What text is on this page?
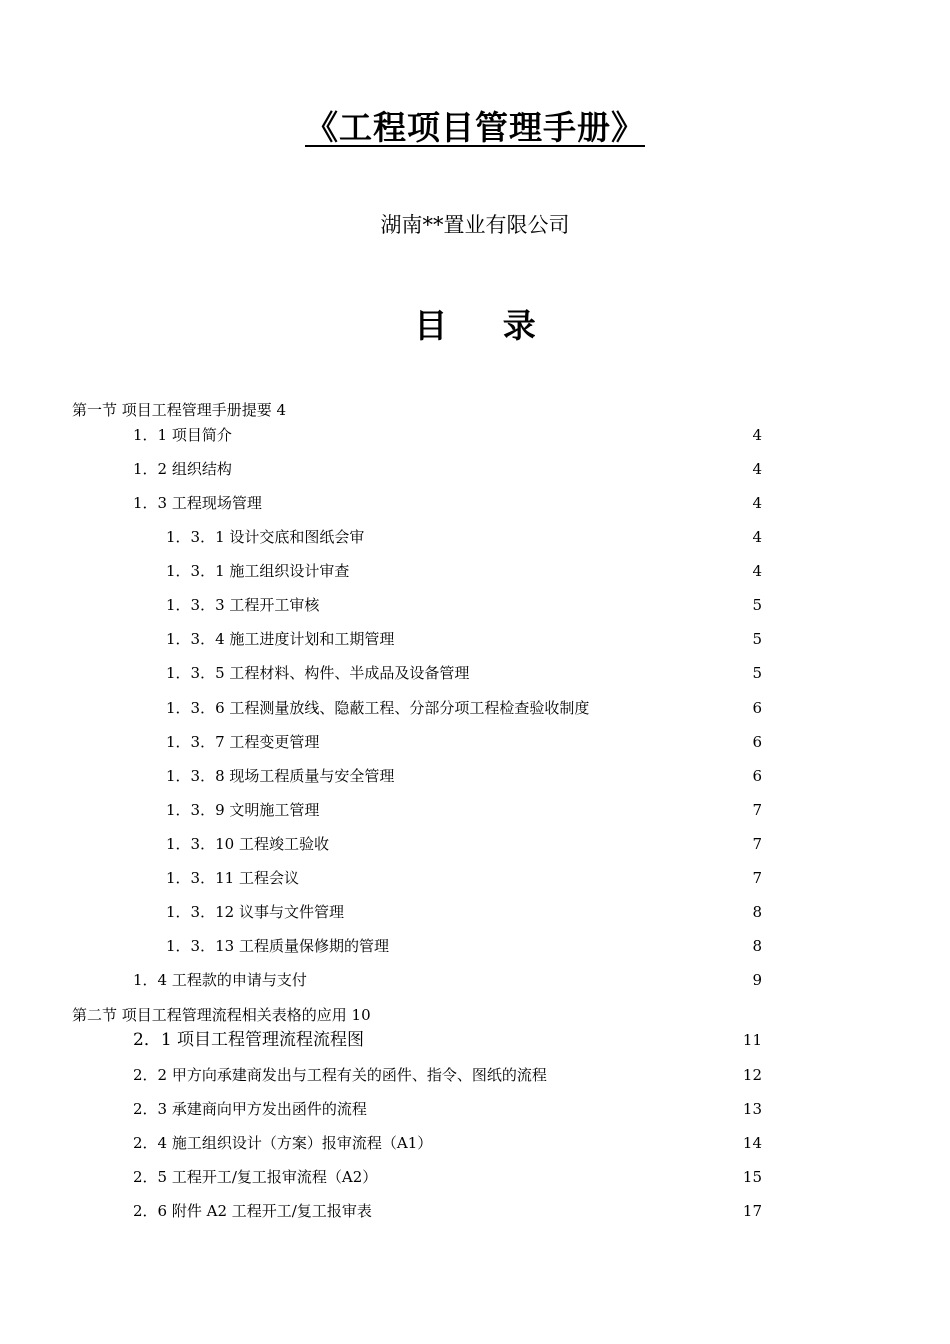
《工程项目管理手册》
湖南**置业有限公司
目 录
第一节 项目工程管理手册提要 4
1．1 项目简介	4
1．2 组织结构	4
1．3 工程现场管理	4
1．3．1 设计交底和图纸会审	4
1．3．1 施工组织设计审查	4
1．3．3 工程开工审核	5
1．3．4 施工进度计划和工期管理	5
1．3．5 工程材料、构件、半成品及设备管理	5
1．3．6 工程测量放线、隐蔽工程、分部分项工程检查验收制度	6
1．3．7 工程变更管理	6
1．3．8 现场工程质量与安全管理	6
1．3．9 文明施工管理	7
1．3．10 工程竣工验收	7
1．3．11 工程会议	7
1．3．12 议事与文件管理	8
1．3．13 工程质量保修期的管理	8
1．4 工程款的申请与支付	9
第二节 项目工程管理流程相关表格的应用 10
2．1 项目工程管理流程流程图	11
2．2 甲方向承建商发出与工程有关的函件、指令、图纸的流程	12
2．3 承建商向甲方发出函件的流程	13
2．4 施工组织设计（方案）报审流程（A1）	14
2．5 工程开工/复工报审流程（A2）	15
2．6 附件 A2 工程开工/复工报审表	17
